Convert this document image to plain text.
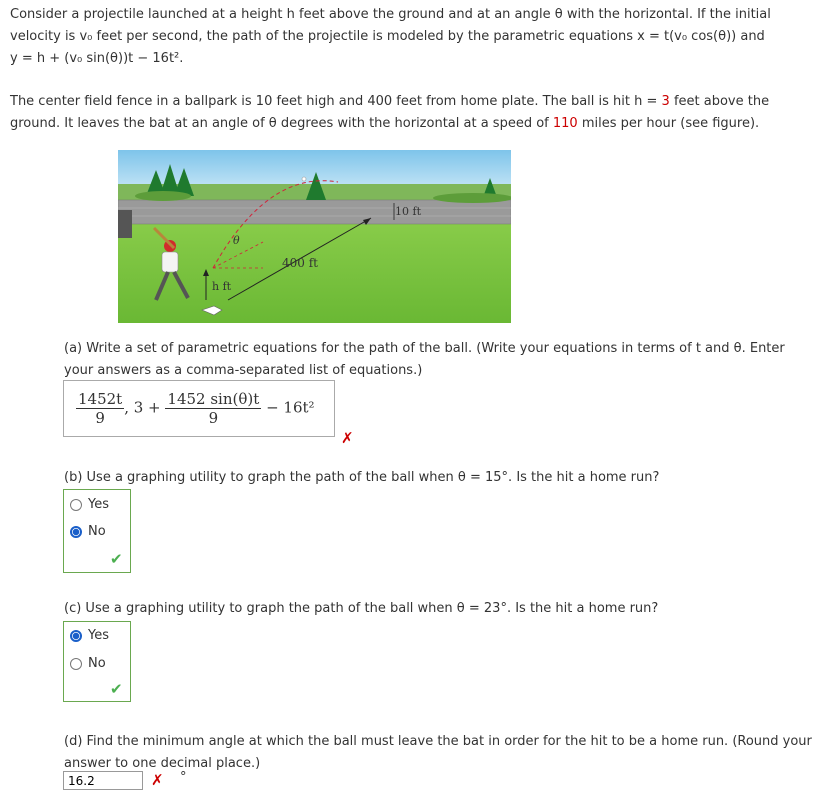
Consider a projectile launched at a height h feet above the ground and at an angle θ with the horizontal. If the initial
velocity is v₀ feet per second, the path of the projectile is modeled by the parametric equations x = t(v₀ cos(θ)) and
y = h + (v₀ sin(θ))t − 16t².
The center field fence in a ballpark is 10 feet high and 400 feet from home plate. The ball is hit h = 3 feet above the
ground. It leaves the bat at an angle of θ degrees with the horizontal at a speed of 110 miles per hour (see figure).
θ
400 ft
h ft
10 ft
(a) Write a set of parametric equations for the path of the ball. (Write your equations in terms of t and θ. Enter
your answers as a comma-separated list of equations.)
$\frac{1452t}{9}$ , $3 + \frac{1452 \sin(\theta)t}{9} - 16t^2$
✗
(b) Use a graphing utility to graph the path of the ball when θ = 15°. Is the hit a home run?
Yes
No
✔
(c) Use a graphing utility to graph the path of the ball when θ = 23°. Is the hit a home run?
Yes
No
✔
(d) Find the minimum angle at which the ball must leave the bat in order for the hit to be a home run. (Round your
answer to one decimal place.)
16.2
✗ °
